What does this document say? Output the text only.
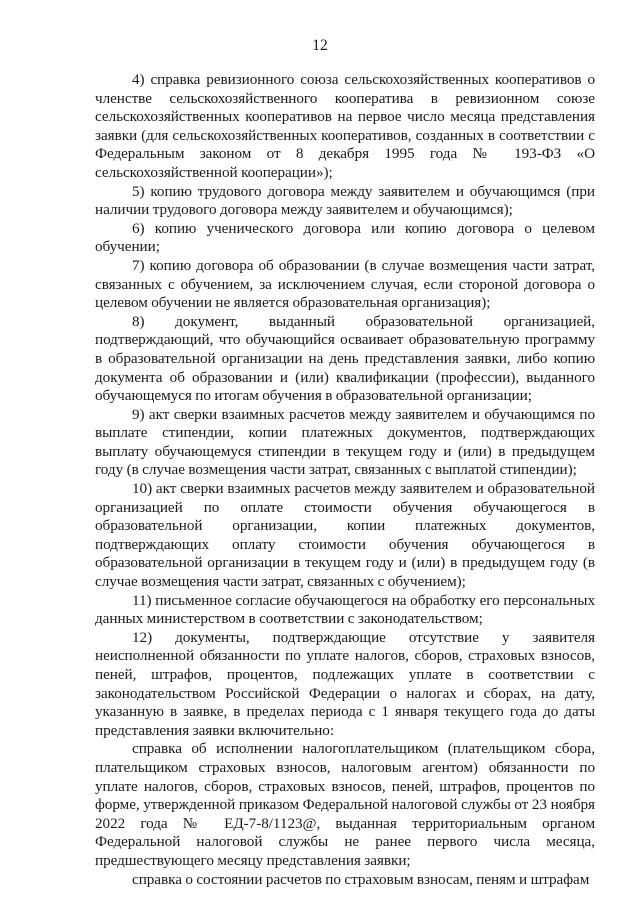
12

4) справка ревизионного союза сельскохозяйственных кооперативов о членстве сельскохозяйственного кооператива в ревизионном союзе сельскохозяйственных кооперативов на первое число месяца представления заявки (для сельскохозяйственных кооперативов, созданных в соответствии с Федеральным законом от 8 декабря 1995 года № 193-ФЗ «О сельскохозяйственной кооперации»);

5) копию трудового договора между заявителем и обучающимся (при наличии трудового договора между заявителем и обучающимся);

6) копию ученического договора или копию договора о целевом обучении;

7) копию договора об образовании (в случае возмещения части затрат, связанных с обучением, за исключением случая, если стороной договора о целевом обучении не является образовательная организация);

8) документ, выданный образовательной организацией, подтверждающий, что обучающийся осваивает образовательную программу в образовательной организации на день представления заявки, либо копию документа об образовании и (или) квалификации (профессии), выданного обучающемуся по итогам обучения в образовательной организации;

9) акт сверки взаимных расчетов между заявителем и обучающимся по выплате стипендии, копии платежных документов, подтверждающих выплату обучающемуся стипендии в текущем году и (или) в предыдущем году (в случае возмещения части затрат, связанных с выплатой стипендии);

10) акт сверки взаимных расчетов между заявителем и образовательной организацией по оплате стоимости обучения обучающегося в образовательной организации, копии платежных документов, подтверждающих оплату стоимости обучения обучающегося в образовательной организации в текущем году и (или) в предыдущем году (в случае возмещения части затрат, связанных с обучением);

11) письменное согласие обучающегося на обработку его персональных данных министерством в соответствии с законодательством;

12) документы, подтверждающие отсутствие у заявителя неисполненной обязанности по уплате налогов, сборов, страховых взносов, пеней, штрафов, процентов, подлежащих уплате в соответствии с законодательством Российской Федерации о налогах и сборах, на дату, указанную в заявке, в пределах периода с 1 января текущего года до даты представления заявки включительно:

справка об исполнении налогоплательщиком (плательщиком сбора, плательщиком страховых взносов, налоговым агентом) обязанности по уплате налогов, сборов, страховых взносов, пеней, штрафов, процентов по форме, утвержденной приказом Федеральной налоговой службы от 23 ноября 2022 года № ЕД-7-8/1123@, выданная территориальным органом Федеральной налоговой службы не ранее первого числа месяца, предшествующего месяцу представления заявки;

справка о состоянии расчетов по страховым взносам, пеням и штрафам
